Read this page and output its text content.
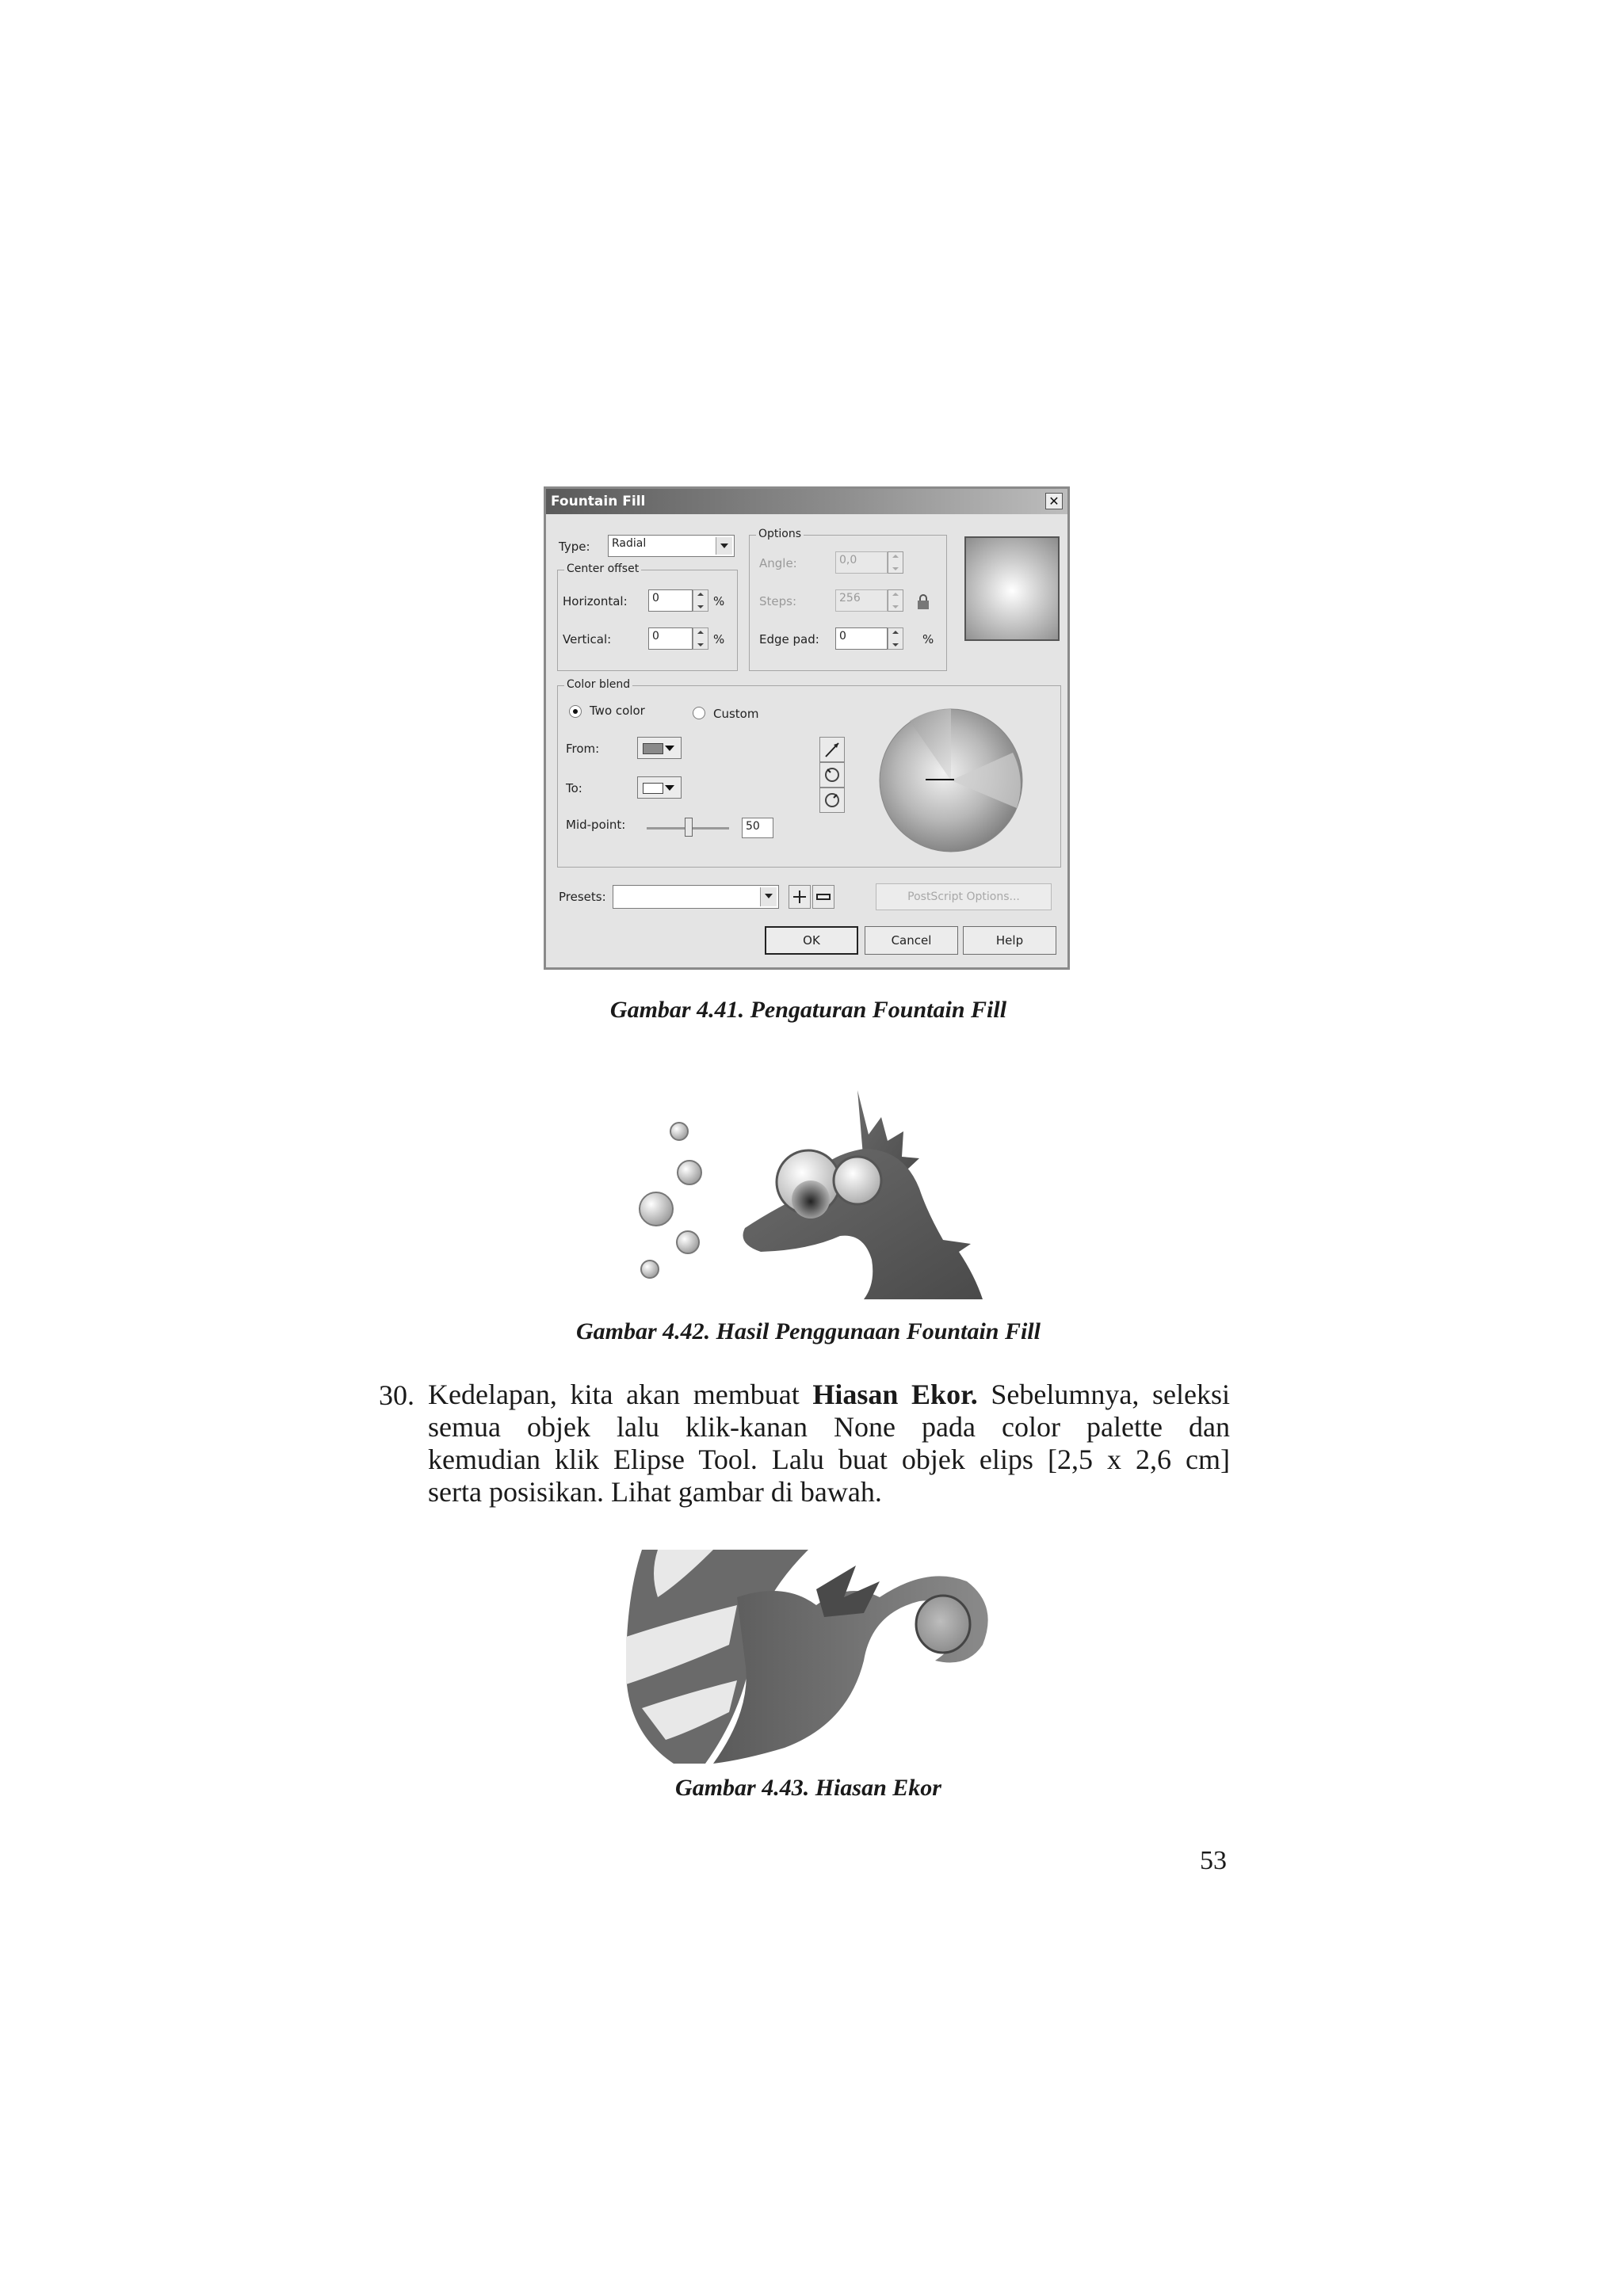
Fountain Fill	✕
Type:	Radial
Center offset
Horizontal:	0	%
Vertical:	0	%
Options
Angle:	0,0
Steps:	256
Edge pad:	0	%
Color blend
Two color	Custom
From:
To:
Mid-point:	50
Presets:	PostScript Options...
OK	Cancel	Help
Gambar 4.41. Pengaturan Fountain Fill
Gambar 4.42. Hasil Penggunaan Fountain Fill
30. Kedelapan, kita akan membuat Hiasan Ekor. Sebelumnya, seleksi
semua objek lalu klik-kanan None pada color palette dan
kemudian klik Elipse Tool. Lalu buat objek elips [2,5 x 2,6 cm]
serta posisikan. Lihat gambar di bawah.
Gambar 4.43. Hiasan Ekor
53
